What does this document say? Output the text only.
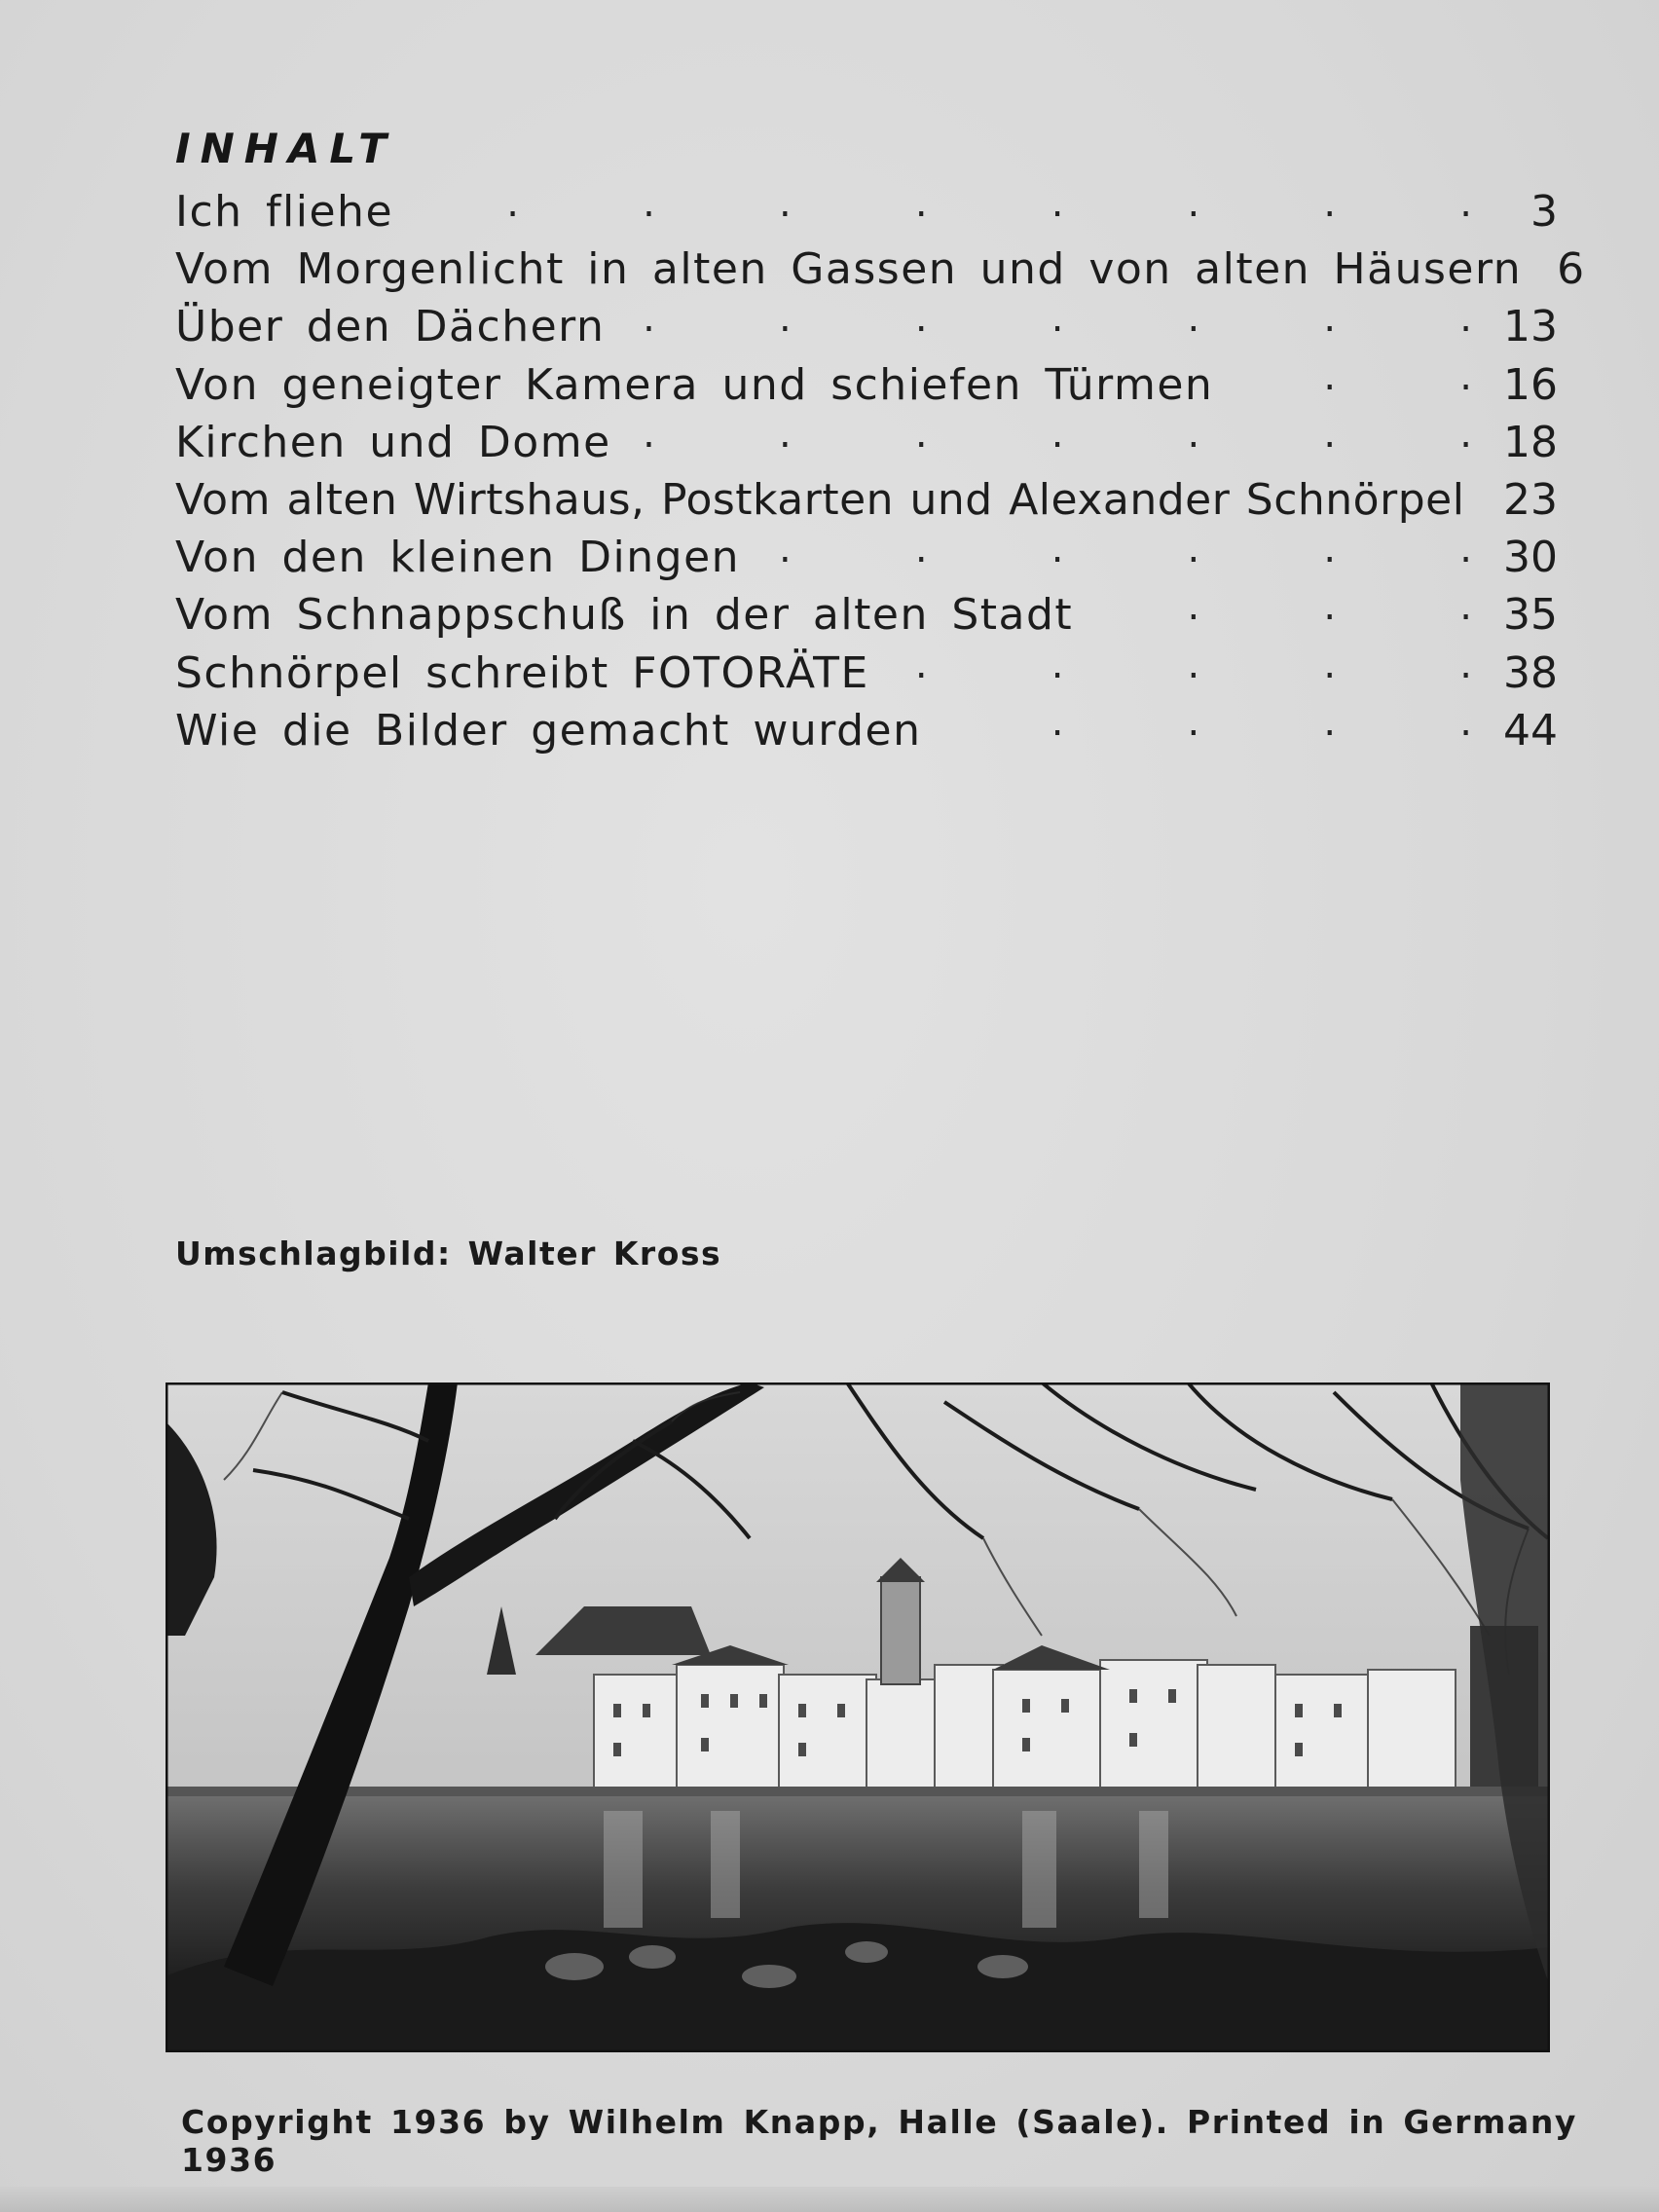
INHALT
Ich fliehe .	3
Vom Morgenlicht in alten Gassen und von alten Häusern 6
Über den Dächern .	13
Von geneigter Kamera und schiefen Türmen .	16
Kirchen und Dome .	18
Vom alten Wirtshaus, Postkarten und Alexander Schnörpel 23
Von den kleinen Dingen .	30
Vom Schnappschuß in der alten Stadt .	35
Schnörpel schreibt FOTORÄTE .	38
Wie die Bilder gemacht wurden .	44
Umschlagbild: Walter Kross
Copyright 1936 by Wilhelm Knapp, Halle (Saale). Printed in Germany 1936
